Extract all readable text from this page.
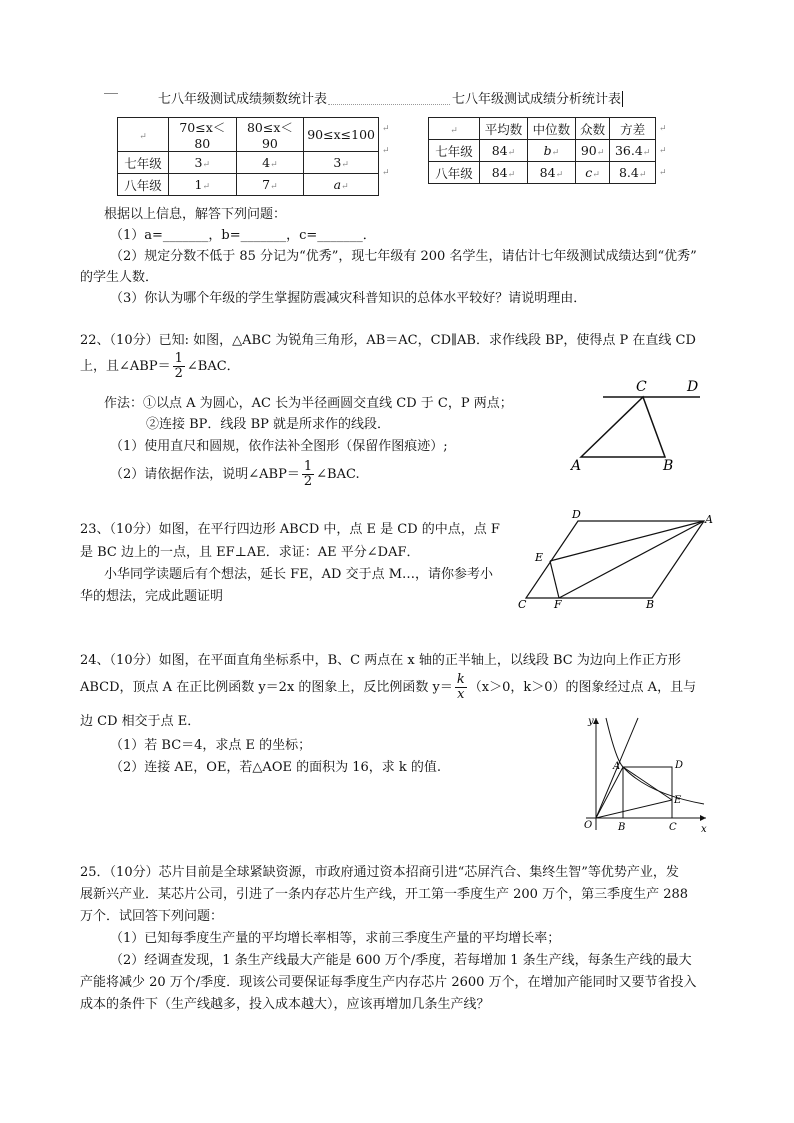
七八年级测试成绩频数统计表	七八年级测试成绩分析统计表
↵	70≤x＜80	80≤x＜90	90≤x≤100
七年级	3↵	4↵	3↵
八年级	1↵	7↵	a↵
↵
↵
↵
↵	平均数	中位数	众数	方差
七年级	84↵	b↵	90↵	36.4↵
八年级	84↵	84↵	c↵	8.4↵
↵
↵
↵
根据以上信息，解答下列问题：
（1）a=_______，b=_______，c=_______．
（2）规定分数不低于 85 分记为“优秀”，现七年级有 200 名学生，请估计七年级测试成绩达到“优秀”
的学生人数．
（3）你认为哪个年级的学生掌握防震减灾科普知识的总体水平较好？请说明理由．
22、（10分）已知: 如图，△ABC 为锐角三角形，AB＝AC，CD∥AB．求作线段 BP，使得点 P 在直线 CD
上，且∠ABP＝ $\frac{1}{2}$ ∠BAC．
作法：①以点 A 为圆心，AC 长为半径画圆交直线 CD 于 C，P 两点；
②连接 BP．线段 BP 就是所求作的线段．
（1）使用直尺和圆规，依作法补全图形（保留作图痕迹）;
（2）请依据作法，说明∠ABP＝ $\frac{1}{2}$ ∠BAC.
C	D
A	B
23、（10分）如图，在平行四边形 ABCD 中，点 E 是 CD 的中点，点 F
是 BC 边上的一点，且 EF⊥AE．求证：AE 平分∠DAF．
小华同学读题后有个想法，延长 FE，AD 交于点 M…，请你参考小
华的想法，完成此题证明
D	A
E
C	F	B
24、（10分）如图，在平面直角坐标系中，B、C 两点在 x 轴的正半轴上，以线段 BC 为边向上作正方形
ABCD，顶点 A 在正比例函数 y＝2x 的图象上，反比例函数 $y= \frac{k}{x} (x>0$，k＞0）的图象经过点 A，且与
边 CD 相交于点 E．
（1）若 BC＝4，求点 E 的坐标；
（2）连接 AE，OE，若△AOE 的面积为 16，求 k 的值.
y
x
A	D
E
O	B	C
25．（10分）芯片目前是全球紧缺资源，市政府通过资本招商引进“芯屏汽合、集终生智”等优势产业，发
展新兴产业．某芯片公司，引进了一条内存芯片生产线，开工第一季度生产 200 万个，第三季度生产 288
万个．试回答下列问题：
（1）已知每季度生产量的平均增长率相等，求前三季度生产量的平均增长率；
（2）经调查发现，1 条生产线最大产能是 600 万个/季度，若每增加 1 条生产线，每条生产线的最大
产能将减少 20 万个/季度．现该公司要保证每季度生产内存芯片 2600 万个，在增加产能同时又要节省投入
成本的条件下（生产线越多，投入成本越大），应该再增加几条生产线？
